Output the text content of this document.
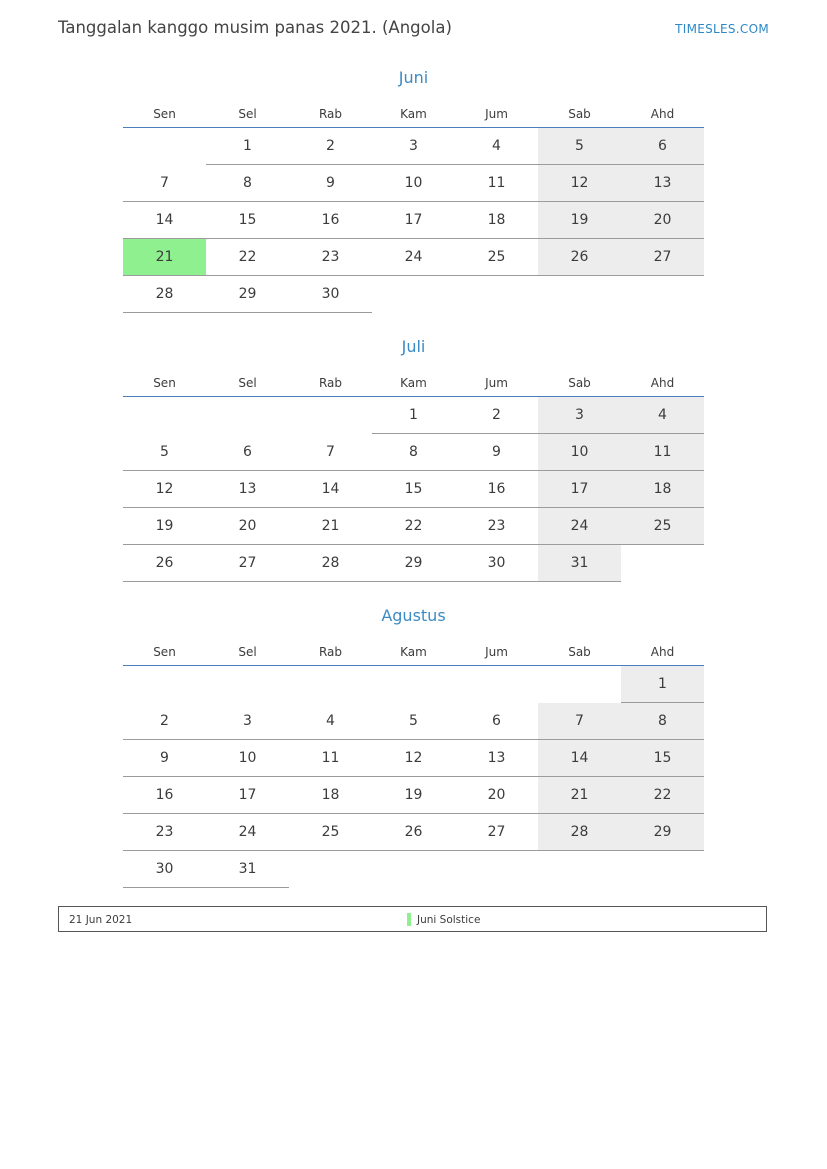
Tanggalan kanggo musim panas 2021. (Angola)	TIMESLES.COM
Juni
Sen	Sel	Rab	Kam	Jum	Sab	Ahd
	1	2	3	4	5	6
7	8	9	10	11	12	13
14	15	16	17	18	19	20
21	22	23	24	25	26	27
28	29	30				
Juli
Sen	Sel	Rab	Kam	Jum	Sab	Ahd
			1	2	3	4
5	6	7	8	9	10	11
12	13	14	15	16	17	18
19	20	21	22	23	24	25
26	27	28	29	30	31	
Agustus
Sen	Sel	Rab	Kam	Jum	Sab	Ahd
						1
2	3	4	5	6	7	8
9	10	11	12	13	14	15
16	17	18	19	20	21	22
23	24	25	26	27	28	29
30	31					
21 Jun 2021	Juni Solstice
